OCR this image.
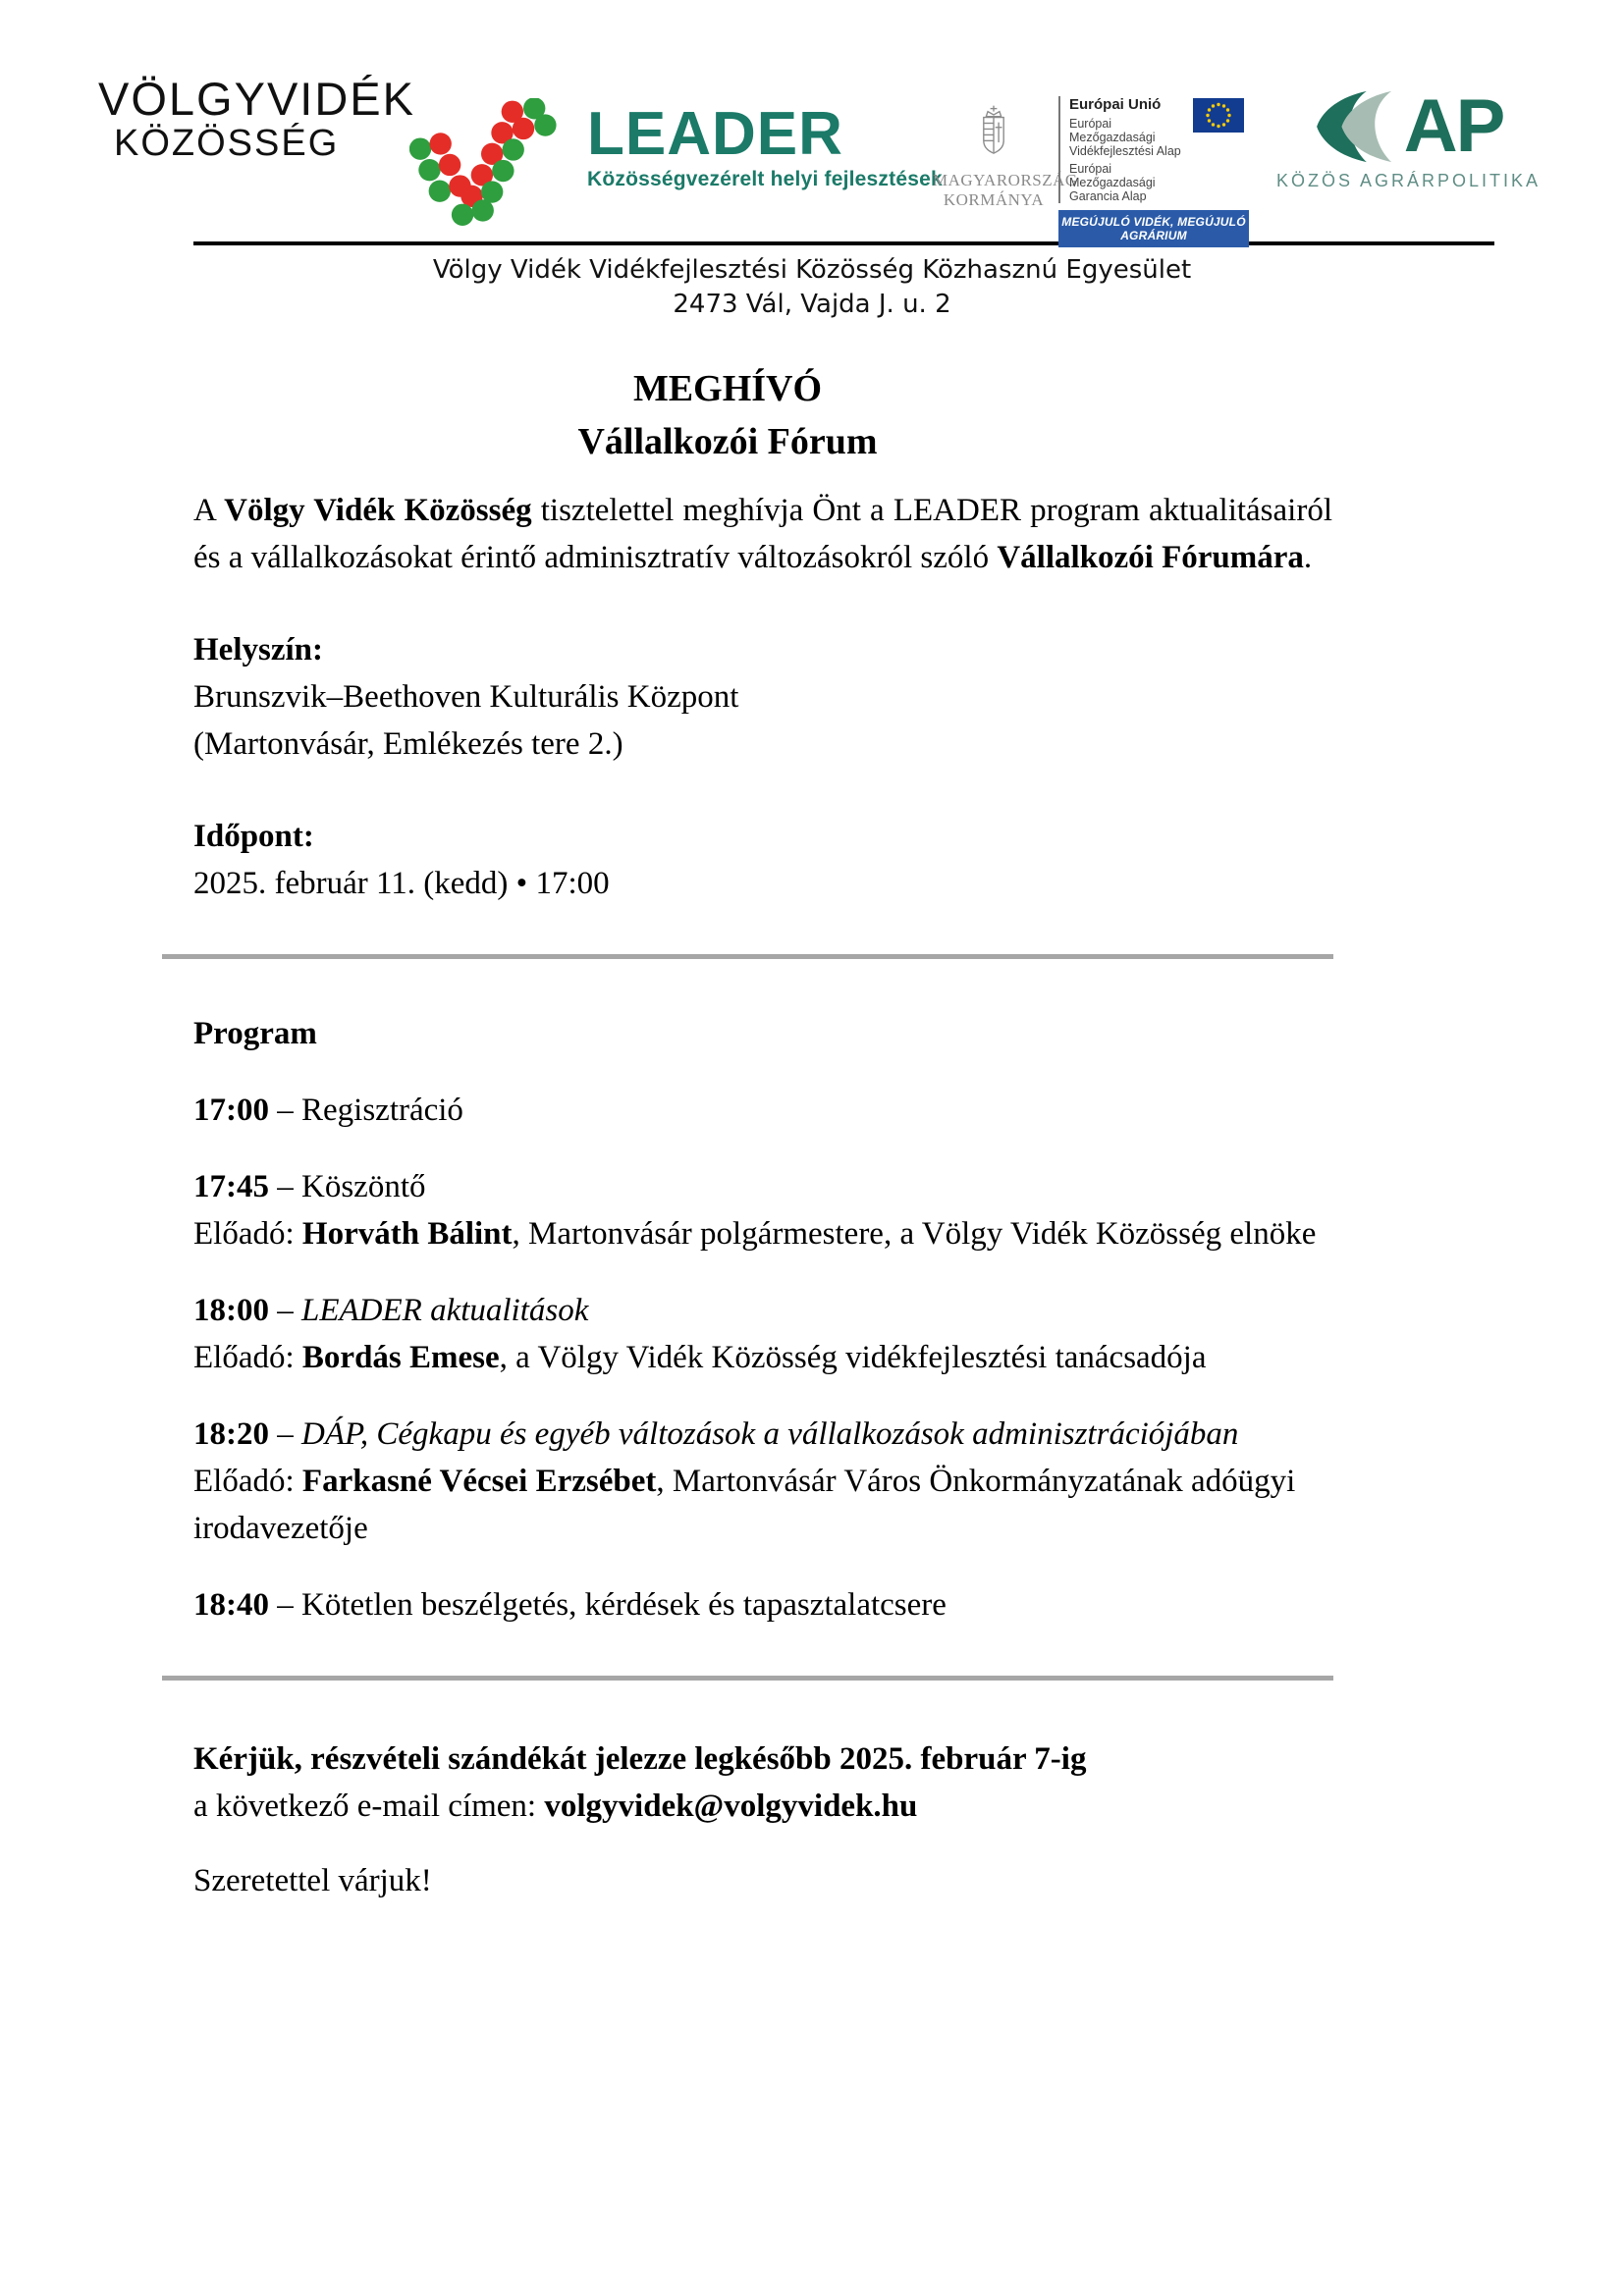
VÖLGYVIDÉK
KÖZÖSSÉG	LEADER
Közösségvezérelt helyi fejlesztések
MAGYARORSZÁG
KORMÁNYA
Európai Unió
Európai Mezőgazdasági Vidékfejlesztési Alap
Európai Mezőgazdasági Garancia Alap
MEGÚJULÓ VIDÉK, MEGÚJULÓ AGRÁRIUM
AP
KÖZÖS AGRÁRPOLITIKA
Völgy Vidék Vidékfejlesztési Közösség Közhasznú Egyesület
2473 Vál, Vajda J. u. 2
MEGHÍVÓ
Vállalkozói Fórum

A Völgy Vidék Közösség tisztelettel meghívja Önt a LEADER program aktualitásairól és a vállalkozásokat érintő adminisztratív változásokról szóló Vállalkozói Fórumára.

Helyszín:

Brunszvik–Beethoven Kulturális Központ

(Martonvásár, Emlékezés tere 2.)

Időpont:

2025. február 11. (kedd) • 17:00

Program

17:00 – Regisztráció

17:45 – Köszöntő

Előadó: Horváth Bálint, Martonvásár polgármestere, a Völgy Vidék Közösség elnöke

18:00 – LEADER aktualitások

Előadó: Bordás Emese, a Völgy Vidék Közösség vidékfejlesztési tanácsadója

18:20 – DÁP, Cégkapu és egyéb változások a vállalkozások adminisztrációjában

Előadó: Farkasné Vécsei Erzsébet, Martonvásár Város Önkormányzatának adóügyi irodavezetője

18:40 – Kötetlen beszélgetés, kérdések és tapasztalatcsere

Kérjük, részvételi szándékát jelezze legkésőbb 2025. február 7-ig

a következő e-mail címen: volgyvidek@volgyvidek.hu

Szeretettel várjuk!
